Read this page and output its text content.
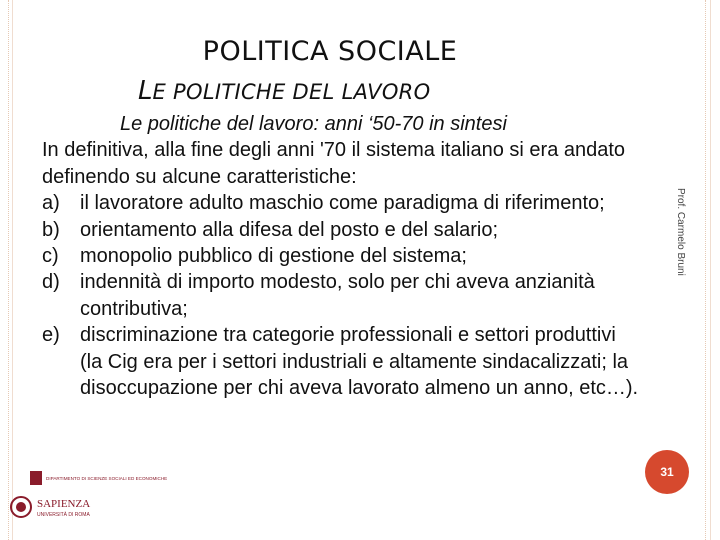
POLITICA SOCIALE
LE POLITICHE DEL LAVORO
Le politiche del lavoro: anni ‘50-70 in sintesi
In definitiva, alla fine degli anni '70 il sistema italiano si era andato definendo su alcune caratteristiche:
a) il lavoratore adulto maschio come paradigma di riferimento;
b) orientamento alla difesa del posto e del salario;
c) monopolio pubblico di gestione del sistema;
d) indennità di importo modesto, solo per chi aveva anzianità contributiva;
e) discriminazione tra categorie professionali e settori produttivi (la Cig era per i settori industriali e altamente sindacalizzati; la disoccupazione per chi aveva lavorato almeno un anno, etc…).
Prof. Carmelo Bruni
31
DIPARTIMENTO DI SCIENZE SOCIALI ED ECONOMICHE
SAPIENZA
UNIVERSITÀ DI ROMA
